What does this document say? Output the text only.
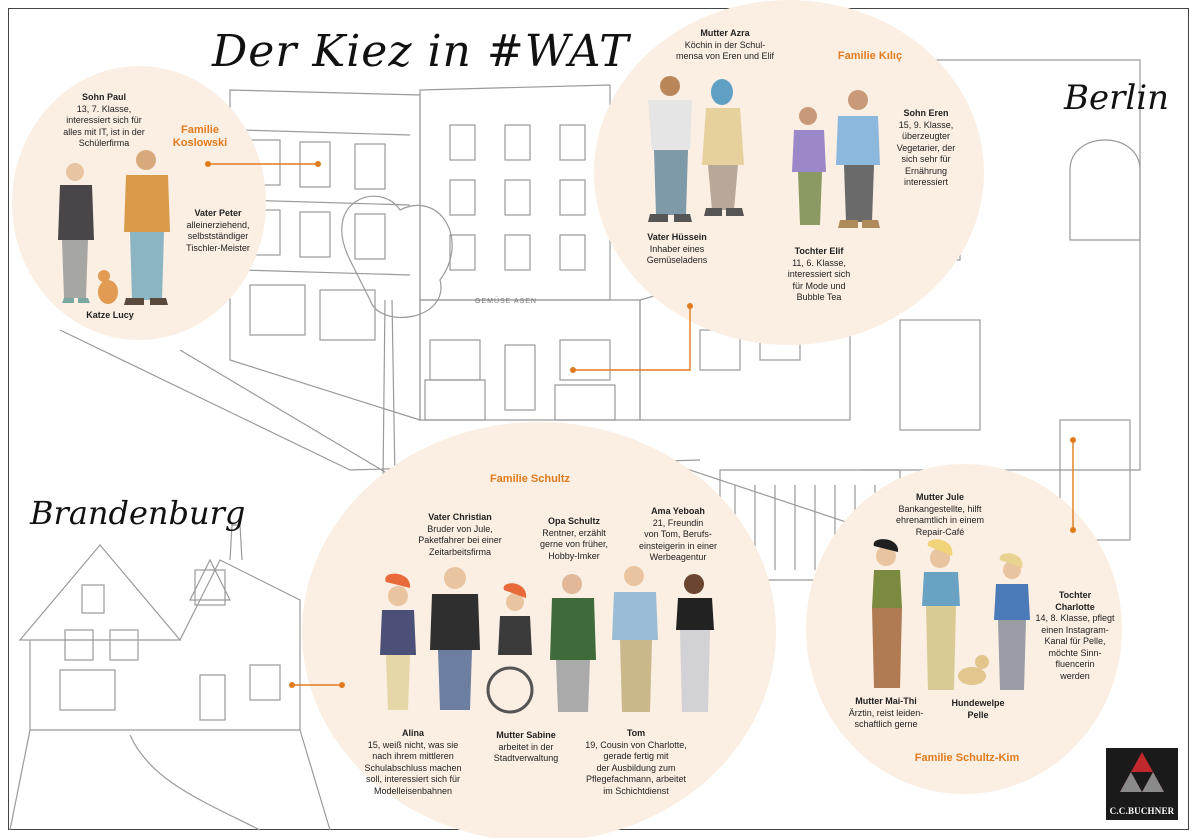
GEMÜSE ASEN
Der Kiez in #WAT
Berlin
Brandenburg
Familie
Koslowski
Sohn Paul
13, 7. Klasse,
interessiert sich für
alles mit IT, ist in der
Schülerfirma
Vater Peter
alleinerziehend,
selbstständiger
Tischler-Meister
Katze Lucy
Familie Kılıç
Mutter Azra
Köchin in der Schul-
mensa von Eren und Elif
Sohn Eren
15, 9. Klasse,
überzeugter
Vegetarier, der
sich sehr für
Ernährung
interessiert
Vater Hüssein
Inhaber eines
Gemüseladens
Tochter Elif
11, 6. Klasse,
interessiert sich
für Mode und
Bubble Tea
Familie Schultz
Vater Christian
Bruder von Jule,
Paketfahrer bei einer
Zeitarbeitsfirma
Opa Schultz
Rentner, erzählt
gerne von früher,
Hobby-Imker
Ama Yeboah
21, Freundin
von Tom, Berufs-
einsteigerin in einer
Werbeagentur
Alina
15, weiß nicht, was sie
nach ihrem mittleren
Schulabschluss machen
soll, interessiert sich für
Modelleisenbahnen
Mutter Sabine
arbeitet in der
Stadtverwaltung
Tom
19, Cousin von Charlotte,
gerade fertig mit
der Ausbildung zum
Pflegefachmann, arbeitet
im Schichtdienst
Familie Schultz-Kim
Mutter Jule
Bankangestellte, hilft
ehrenamtlich in einem
Repair-Café
Tochter
Charlotte
14, 8. Klasse, pflegt
einen Instagram-
Kanal für Pelle,
möchte Sinn-
fluencerin
werden
Mutter Mai-Thi
Ärztin, reist leiden-
schaftlich gerne
Hundewelpe
Pelle
C.C.BUCHNER
